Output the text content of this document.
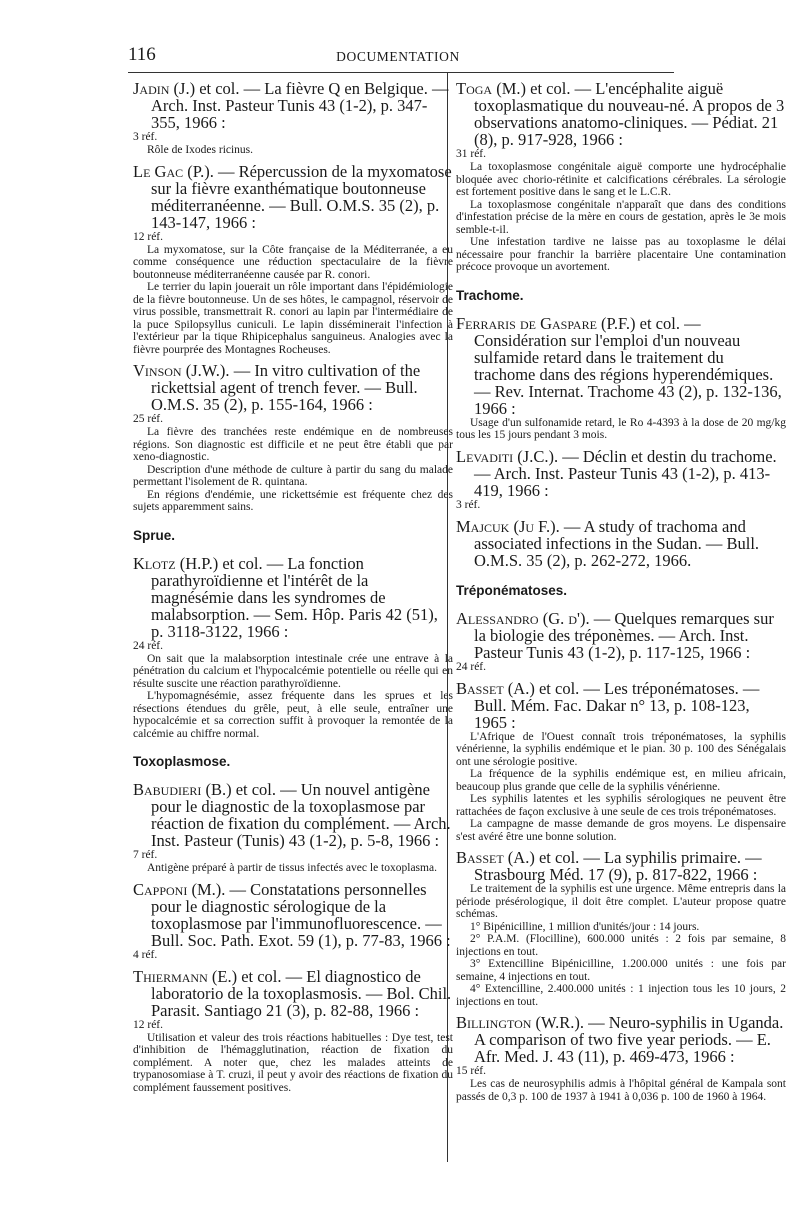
116	DOCUMENTATION

Jadin (J.) et col. — La fièvre Q en Belgique. — Arch. Inst. Pasteur Tunis 43 (1-2), p. 347-355, 1966 :

3 réf.

Rôle de Ixodes ricinus.

Le Gac (P.). — Répercussion de la myxomatose sur la fièvre exanthématique boutonneuse méditerranéenne. — Bull. O.M.S. 35 (2), p. 143-147, 1966 :

12 réf.

La myxomatose, sur la Côte française de la Méditerranée, a eu comme conséquence une réduction spectaculaire de la fièvre boutonneuse méditerranéenne causée par R. conori.

Le terrier du lapin jouerait un rôle important dans l'épidémiologie de la fièvre boutonneuse. Un de ses hôtes, le campagnol, réservoir de virus possible, transmettrait R. conori au lapin par l'intermédiaire de la puce Spilopsyllus cuniculi. Le lapin disséminerait l'infection à l'extérieur par la tique Rhipicephalus sanguineus. Analogies avec la fièvre pourprée des Montagnes Rocheuses.

Vinson (J.W.). — In vitro cultivation of the rickettsial agent of trench fever. — Bull. O.M.S. 35 (2), p. 155-164, 1966 :

25 réf.

La fièvre des tranchées reste endémique en de nombreuses régions. Son diagnostic est difficile et ne peut être établi que par xeno-diagnostic.

Description d'une méthode de culture à partir du sang du malade permettant l'isolement de R. quintana.

En régions d'endémie, une rickettsémie est fréquente chez des sujets apparemment sains.

Sprue.

Klotz (H.P.) et col. — La fonction parathyroïdienne et l'intérêt de la magnésémie dans les syndromes de malabsorption. — Sem. Hôp. Paris 42 (51), p. 3118-3122, 1966 :

24 réf.

On sait que la malabsorption intestinale crée une entrave à la pénétration du calcium et l'hypocalcémie potentielle ou réelle qui en résulte suscite une réaction parathyroïdienne.

L'hypomagnésémie, assez fréquente dans les sprues et les résections étendues du grêle, peut, à elle seule, entraîner une hypocalcémie et sa correction suffit à provoquer la remontée de la calcémie au chiffre normal.

Toxoplasmose.

Babudieri (B.) et col. — Un nouvel antigène pour le diagnostic de la toxoplasmose par réaction de fixation du complément. — Arch. Inst. Pasteur (Tunis) 43 (1-2), p. 5-8, 1966 :

7 réf.

Antigène préparé à partir de tissus infectés avec le toxoplasma.

Capponi (M.). — Constatations personnelles pour le diagnostic sérologique de la toxoplasmose par l'immunofluorescence. — Bull. Soc. Path. Exot. 59 (1), p. 77-83, 1966 :

4 réf.

Thiermann (E.) et col. — El diagnostico de laboratorio de la toxoplasmosis. — Bol. Chil. Parasit. Santiago 21 (3), p. 82-88, 1966 :

12 réf.

Utilisation et valeur des trois réactions habituelles : Dye test, test d'inhibition de l'hémagglutination, réaction de fixation du complément. A noter que, chez les malades atteints de trypanosomiase à T. cruzi, il peut y avoir des réactions de fixation du complément faussement positives.

Toga (M.) et col. — L'encéphalite aiguë toxoplasmatique du nouveau-né. A propos de 3 observations anatomo-cliniques. — Pédiat. 21 (8), p. 917-928, 1966 :

31 réf.

La toxoplasmose congénitale aiguë comporte une hydrocéphalie bloquée avec chorio-rétinite et calcifications cérébrales. La sérologie est fortement positive dans le sang et le L.C.R.

La toxoplasmose congénitale n'apparaît que dans des conditions d'infestation précise de la mère en cours de gestation, après le 3e mois semble-t-il.

Une infestation tardive ne laisse pas au toxoplasme le délai nécessaire pour franchir la barrière placentaire Une contamination précoce provoque un avortement.

Trachome.

Ferraris de Gaspare (P.F.) et col. — Considération sur l'emploi d'un nouveau sulfamide retard dans le traitement du trachome dans des régions hyperendémiques. — Rev. Internat. Trachome 43 (2), p. 132-136, 1966 :

Usage d'un sulfonamide retard, le Ro 4-4393 à la dose de 20 mg/kg tous les 15 jours pendant 3 mois.

Levaditi (J.C.). — Déclin et destin du trachome. — Arch. Inst. Pasteur Tunis 43 (1-2), p. 413-419, 1966 :

3 réf.

Majcuk (Ju F.). — A study of trachoma and associated infections in the Sudan. — Bull. O.M.S. 35 (2), p. 262-272, 1966.

Tréponématoses.

Alessandro (G. d'). — Quelques remarques sur la biologie des tréponèmes. — Arch. Inst. Pasteur Tunis 43 (1-2), p. 117-125, 1966 :

24 réf.

Basset (A.) et col. — Les tréponématoses. — Bull. Mém. Fac. Dakar n° 13, p. 108-123, 1965 :

L'Afrique de l'Ouest connaît trois tréponématoses, la syphilis vénérienne, la syphilis endémique et le pian. 30 p. 100 des Sénégalais ont une sérologie positive.

La fréquence de la syphilis endémique est, en milieu africain, beaucoup plus grande que celle de la syphilis vénérienne.

Les syphilis latentes et les syphilis sérologiques ne peuvent être rattachées de façon exclusive à une seule de ces trois tréponématoses.

La campagne de masse demande de gros moyens. Le dispensaire s'est avéré être une bonne solution.

Basset (A.) et col. — La syphilis primaire. — Strasbourg Méd. 17 (9), p. 817-822, 1966 :

Le traitement de la syphilis est une urgence. Même entrepris dans la période présérologique, il doit être complet. L'auteur propose quatre schémas.

1° Bipénicilline, 1 million d'unités/jour : 14 jours.

2° P.A.M. (Flocilline), 600.000 unités : 2 fois par semaine, 8 injections en tout.

3° Extencilline Bipénicilline, 1.200.000 unités : une fois par semaine, 4 injections en tout.

4° Extencilline, 2.400.000 unités : 1 injection tous les 10 jours, 2 injections en tout.

Billington (W.R.). — Neuro-syphilis in Uganda. A comparison of two five year periods. — E. Afr. Med. J. 43 (11), p. 469-473, 1966 :

15 réf.

Les cas de neurosyphilis admis à l'hôpital général de Kampala sont passés de 0,3 p. 100 de 1937 à 1941 à 0,036 p. 100 de 1960 à 1964.
